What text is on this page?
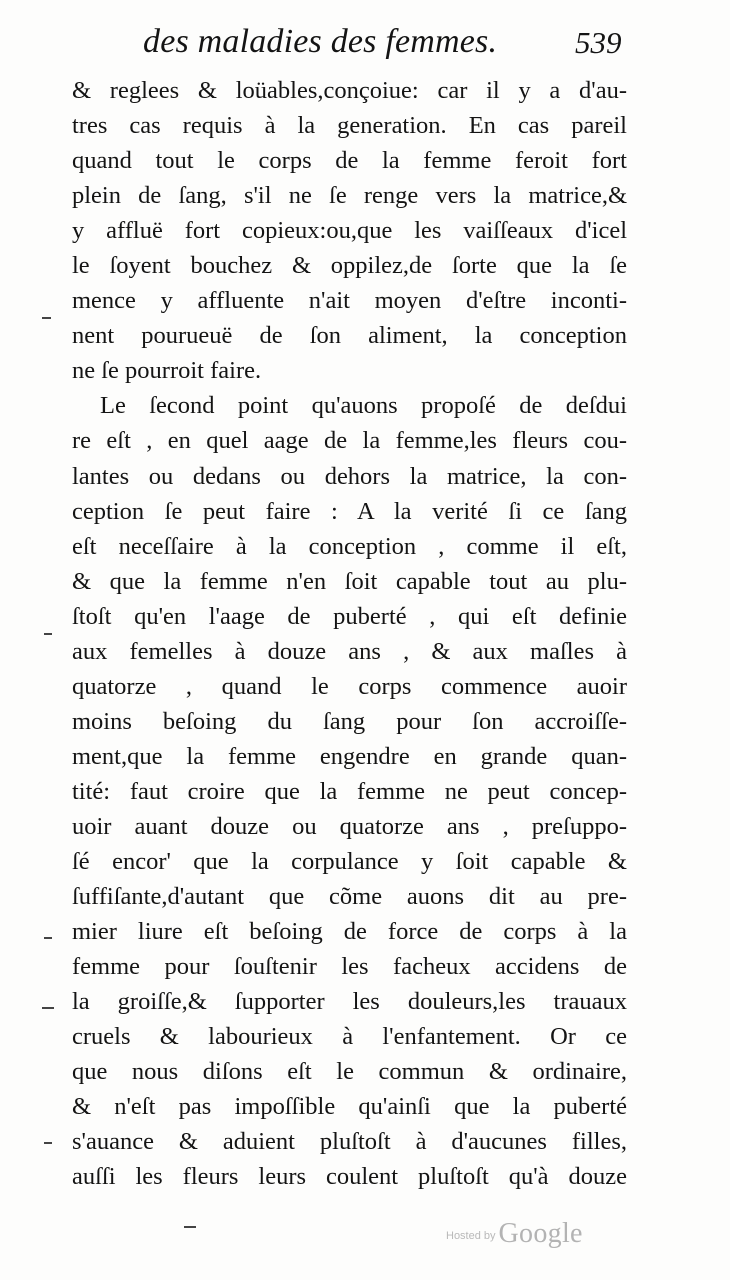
des maladies des femmes.	539
& reglees & loüables,conçoiue: car il y a d'au-
tres cas requis à la generation. En cas pareil
quand tout le corps de la femme feroit fort
plein de ſang, s'il ne ſe renge vers la matrice,&
y affluë fort copieux:ou,que les vaiſſeaux d'icel
le ſoyent bouchez & oppilez,de ſorte que la ſe
mence y affluente n'ait moyen d'eſtre inconti-
nent pourueuë de ſon aliment, la conception
ne ſe pourroit faire.
Le ſecond point qu'auons propoſé de deſdui
re eſt , en quel aage de la femme,les fleurs cou-
lantes ou dedans ou dehors la matrice, la con-
ception ſe peut faire : A la verité ſi ce ſang
eſt neceſſaire à la conception , comme il eſt,
& que la femme n'en ſoit capable tout au plu-
ſtoſt qu'en l'aage de puberté , qui eſt definie
aux femelles à douze ans , & aux maſles à
quatorze , quand le corps commence auoir
moins beſoing du ſang pour ſon accroiſſe-
ment,que la femme engendre en grande quan-
tité: faut croire que la femme ne peut concep-
uoir auant douze ou quatorze ans , preſuppo-
ſé encor' que la corpulance y ſoit capable &
ſuffiſante,d'autant que cõme auons dit au pre-
mier liure eſt beſoing de force de corps à la
femme pour ſouſtenir les facheux accidens de
la groiſſe,& ſupporter les douleurs,les trauaux
cruels & labourieux à l'enfantement. Or ce
que nous diſons eſt le commun & ordinaire,
& n'eſt pas impoſſible qu'ainſi que la puberté
s'auance & aduient pluſtoſt à d'aucunes filles,
auſſi les fleurs leurs coulent pluſtoſt qu'à douze
Hosted by Google
